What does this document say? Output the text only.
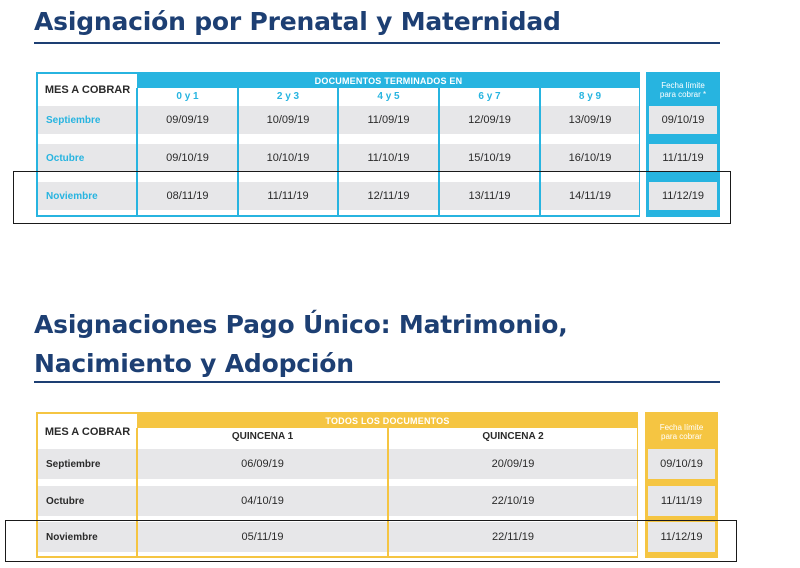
Asignación por Prenatal y Maternidad
MES A COBRAR
DOCUMENTOS TERMINADOS EN
0 y 1	2 y 3	4 y 5	6 y 7	8 y 9
Fecha límite
para cobrar *
Septiembre	09/09/19	10/09/19	11/09/19	12/09/19	13/09/19	09/10/19
Octubre	09/10/19	10/10/19	11/10/19	15/10/19	16/10/19	11/11/19
Noviembre	08/11/19	11/11/19	12/11/19	13/11/19	14/11/19	11/12/19
Asignaciones Pago Único: Matrimonio,
Nacimiento y Adopción
MES A COBRAR
TODOS LOS DOCUMENTOS
QUINCENA 1	QUINCENA 2
Fecha límite
para cobrar
Septiembre	06/09/19	20/09/19	09/10/19
Octubre	04/10/19	22/10/19	11/11/19
Noviembre	05/11/19	22/11/19	11/12/19
